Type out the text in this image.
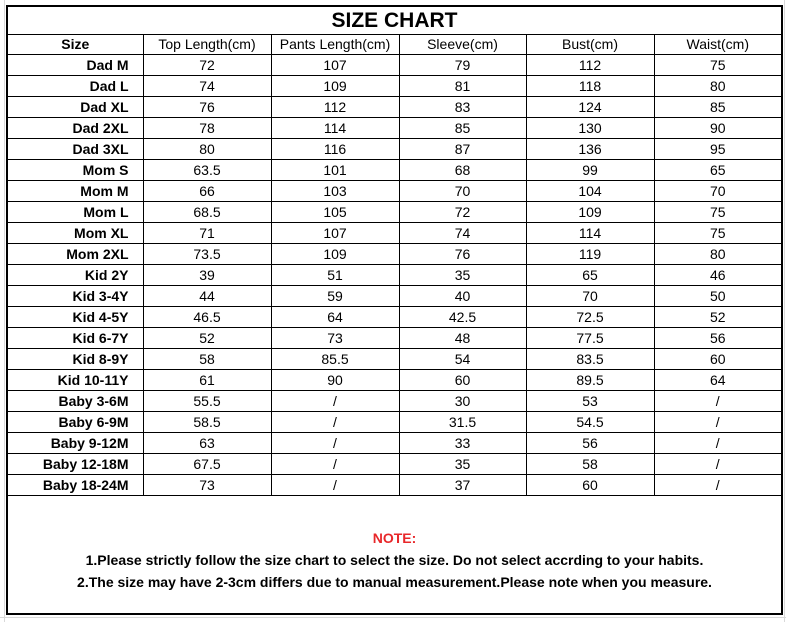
SIZE CHART
Size	Top Length(cm)	Pants Length(cm)	Sleeve(cm)	Bust(cm)	Waist(cm)
Dad M	72	107	79	112	75
Dad L	74	109	81	118	80
Dad XL	76	112	83	124	85
Dad 2XL	78	114	85	130	90
Dad 3XL	80	116	87	136	95
Mom S	63.5	101	68	99	65
Mom M	66	103	70	104	70
Mom L	68.5	105	72	109	75
Mom XL	71	107	74	114	75
Mom 2XL	73.5	109	76	119	80
Kid 2Y	39	51	35	65	46
Kid 3-4Y	44	59	40	70	50
Kid 4-5Y	46.5	64	42.5	72.5	52
Kid 6-7Y	52	73	48	77.5	56
Kid 8-9Y	58	85.5	54	83.5	60
Kid 10-11Y	61	90	60	89.5	64
Baby 3-6M	55.5	/	30	53	/
Baby 6-9M	58.5	/	31.5	54.5	/
Baby 9-12M	63	/	33	56	/
Baby 12-18M	67.5	/	35	58	/
Baby 18-24M	73	/	37	60	/
NOTE:
1.Please strictly follow the size chart to select the size. Do not select accrding to your habits.
2.The size may have 2-3cm differs due to manual measurement.Please note when you measure.
